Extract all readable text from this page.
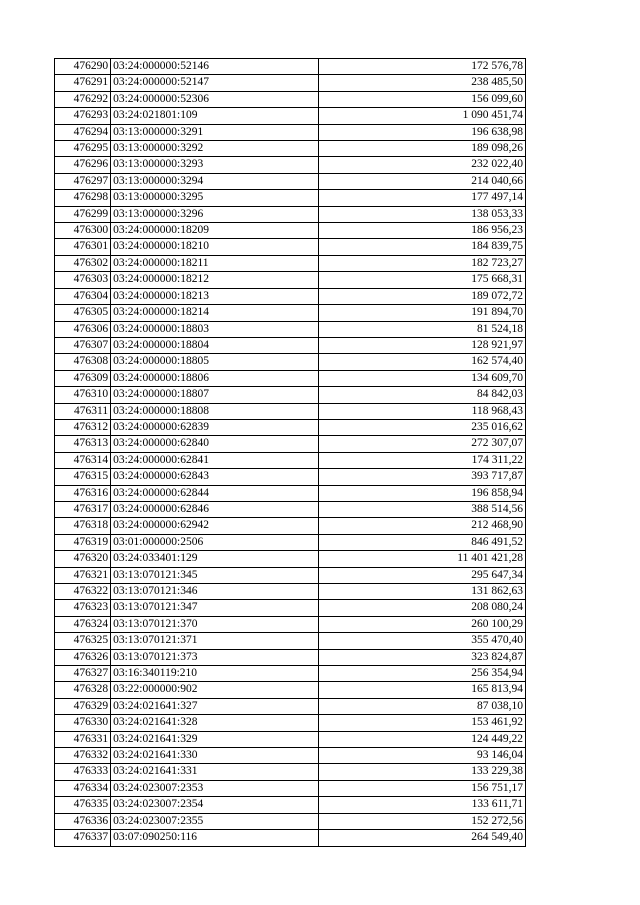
476290	03:24:000000:52146	172 576,78
476291	03:24:000000:52147	238 485,50
476292	03:24:000000:52306	156 099,60
476293	03:24:021801:109	1 090 451,74
476294	03:13:000000:3291	196 638,98
476295	03:13:000000:3292	189 098,26
476296	03:13:000000:3293	232 022,40
476297	03:13:000000:3294	214 040,66
476298	03:13:000000:3295	177 497,14
476299	03:13:000000:3296	138 053,33
476300	03:24:000000:18209	186 956,23
476301	03:24:000000:18210	184 839,75
476302	03:24:000000:18211	182 723,27
476303	03:24:000000:18212	175 668,31
476304	03:24:000000:18213	189 072,72
476305	03:24:000000:18214	191 894,70
476306	03:24:000000:18803	81 524,18
476307	03:24:000000:18804	128 921,97
476308	03:24:000000:18805	162 574,40
476309	03:24:000000:18806	134 609,70
476310	03:24:000000:18807	84 842,03
476311	03:24:000000:18808	118 968,43
476312	03:24:000000:62839	235 016,62
476313	03:24:000000:62840	272 307,07
476314	03:24:000000:62841	174 311,22
476315	03:24:000000:62843	393 717,87
476316	03:24:000000:62844	196 858,94
476317	03:24:000000:62846	388 514,56
476318	03:24:000000:62942	212 468,90
476319	03:01:000000:2506	846 491,52
476320	03:24:033401:129	11 401 421,28
476321	03:13:070121:345	295 647,34
476322	03:13:070121:346	131 862,63
476323	03:13:070121:347	208 080,24
476324	03:13:070121:370	260 100,29
476325	03:13:070121:371	355 470,40
476326	03:13:070121:373	323 824,87
476327	03:16:340119:210	256 354,94
476328	03:22:000000:902	165 813,94
476329	03:24:021641:327	87 038,10
476330	03:24:021641:328	153 461,92
476331	03:24:021641:329	124 449,22
476332	03:24:021641:330	93 146,04
476333	03:24:021641:331	133 229,38
476334	03:24:023007:2353	156 751,17
476335	03:24:023007:2354	133 611,71
476336	03:24:023007:2355	152 272,56
476337	03:07:090250:116	264 549,40
